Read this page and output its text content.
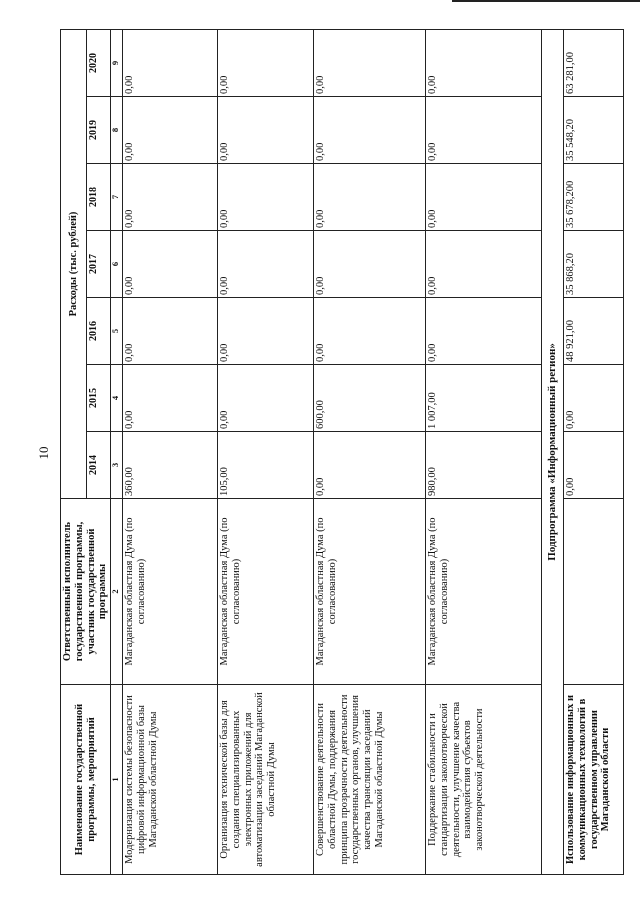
10
Наименование государственной программы, мероприятий	Ответственный исполнитель государственной программы, участник государственной программы	Расходы (тыс. рублей)						
		2014	2015	2016	2017	2018	2019	2020
1	2	3	4	5	6	7	8	9
Модернизация системы безопасности цифровой информационной базы Магаданской областной Думы	Магаданская областная Дума (по согласованию)	360,00	0,00	0,00	0,00	0,00	0,00	0,00
Организация технической базы для создания специализированных электронных приложений для автоматизации заседаний Магаданской областной Думы	Магаданская областная Дума (по согласованию)	105,00	0,00	0,00	0,00	0,00	0,00	0,00
Совершенствование деятельности областной Думы, поддержания принципа прозрачности деятельности государственных органов, улучшения качества трансляции заседаний Магаданской областной Думы	Магаданская областная Дума (по согласованию)	0,00	600,00	0,00	0,00	0,00	0,00	0,00
Поддержание стабильности и стандартизации законотворческой деятельности, улучшение качества взаимодействия субъектов законотворческой деятельности	Магаданская областная Дума (по согласованию)	980,00	1 007,00	0,00	0,00	0,00	0,00	0,00
Подпрограмма «Информационный регион»								
Использование информационных и коммуникационных технологий в государственном управлении Магаданской области		0,00	0,00	48 921,00	35 868,20	35 678,200	35 548,20	63 281,00
